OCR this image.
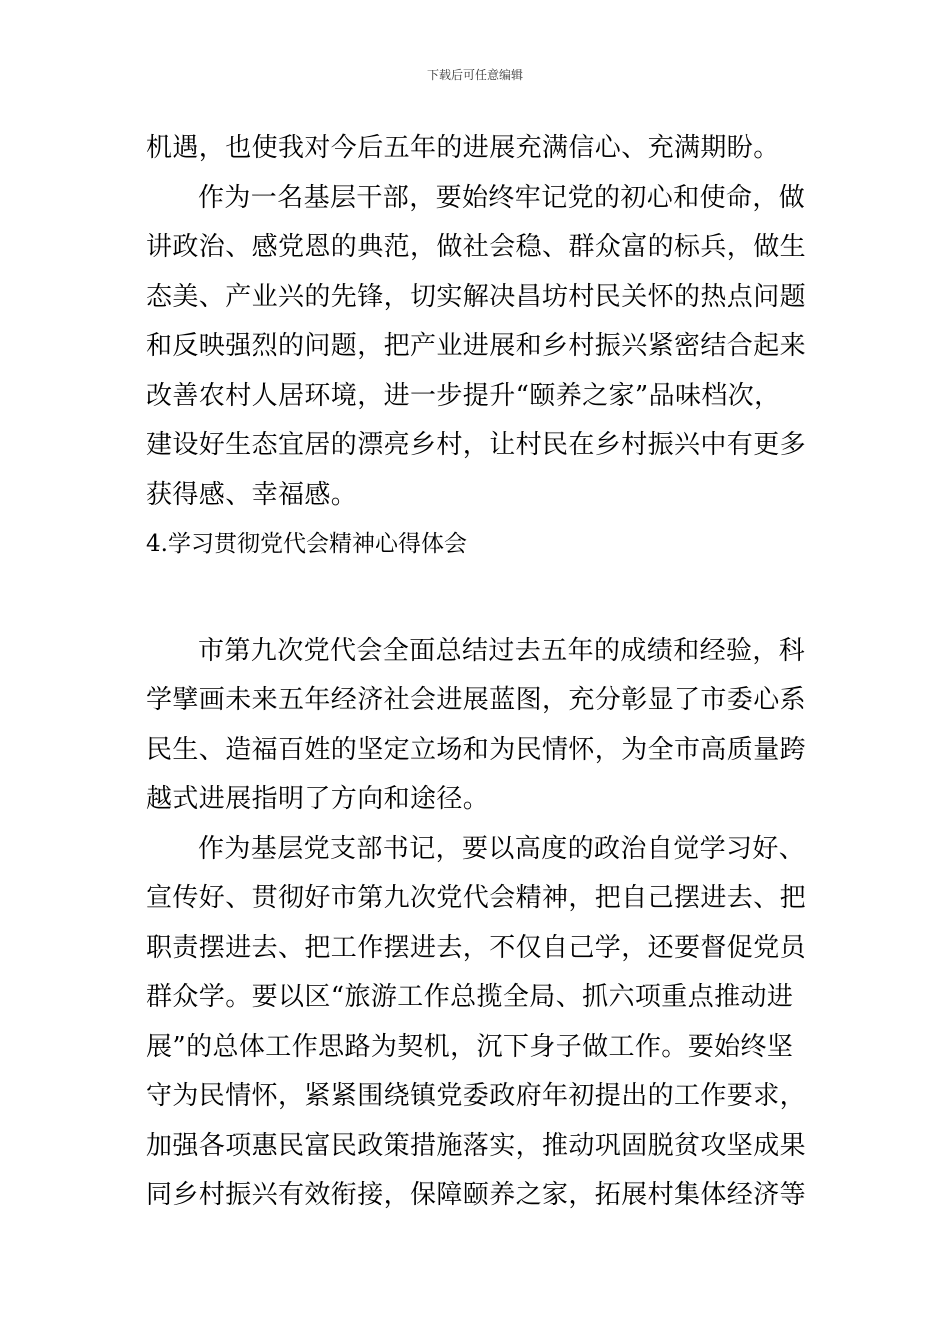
下载后可任意编辑
机遇，也使我对今后五年的进展充满信心、充满期盼。
作为一名基层干部，要始终牢记党的初心和使命，做
讲政治、感党恩的典范，做社会稳、群众富的标兵，做生
态美、产业兴的先锋，切实解决昌坊村民关怀的热点问题
和反映强烈的问题，把产业进展和乡村振兴紧密结合起来
改善农村人居环境，进一步提升“颐养之家”品味档次，
建设好生态宜居的漂亮乡村，让村民在乡村振兴中有更多
获得感、幸福感。
4.学习贯彻党代会精神心得体会
市第九次党代会全面总结过去五年的成绩和经验，科
学擘画未来五年经济社会进展蓝图，充分彰显了市委心系
民生、造福百姓的坚定立场和为民情怀，为全市高质量跨
越式进展指明了方向和途径。
作为基层党支部书记，要以高度的政治自觉学习好、
宣传好、贯彻好市第九次党代会精神，把自己摆进去、把
职责摆进去、把工作摆进去，不仅自己学，还要督促党员
群众学。要以区“旅游工作总揽全局、抓六项重点推动进
展”的总体工作思路为契机，沉下身子做工作。要始终坚
守为民情怀，紧紧围绕镇党委政府年初提出的工作要求，
加强各项惠民富民政策措施落实，推动巩固脱贫攻坚成果
同乡村振兴有效衔接，保障颐养之家，拓展村集体经济等
